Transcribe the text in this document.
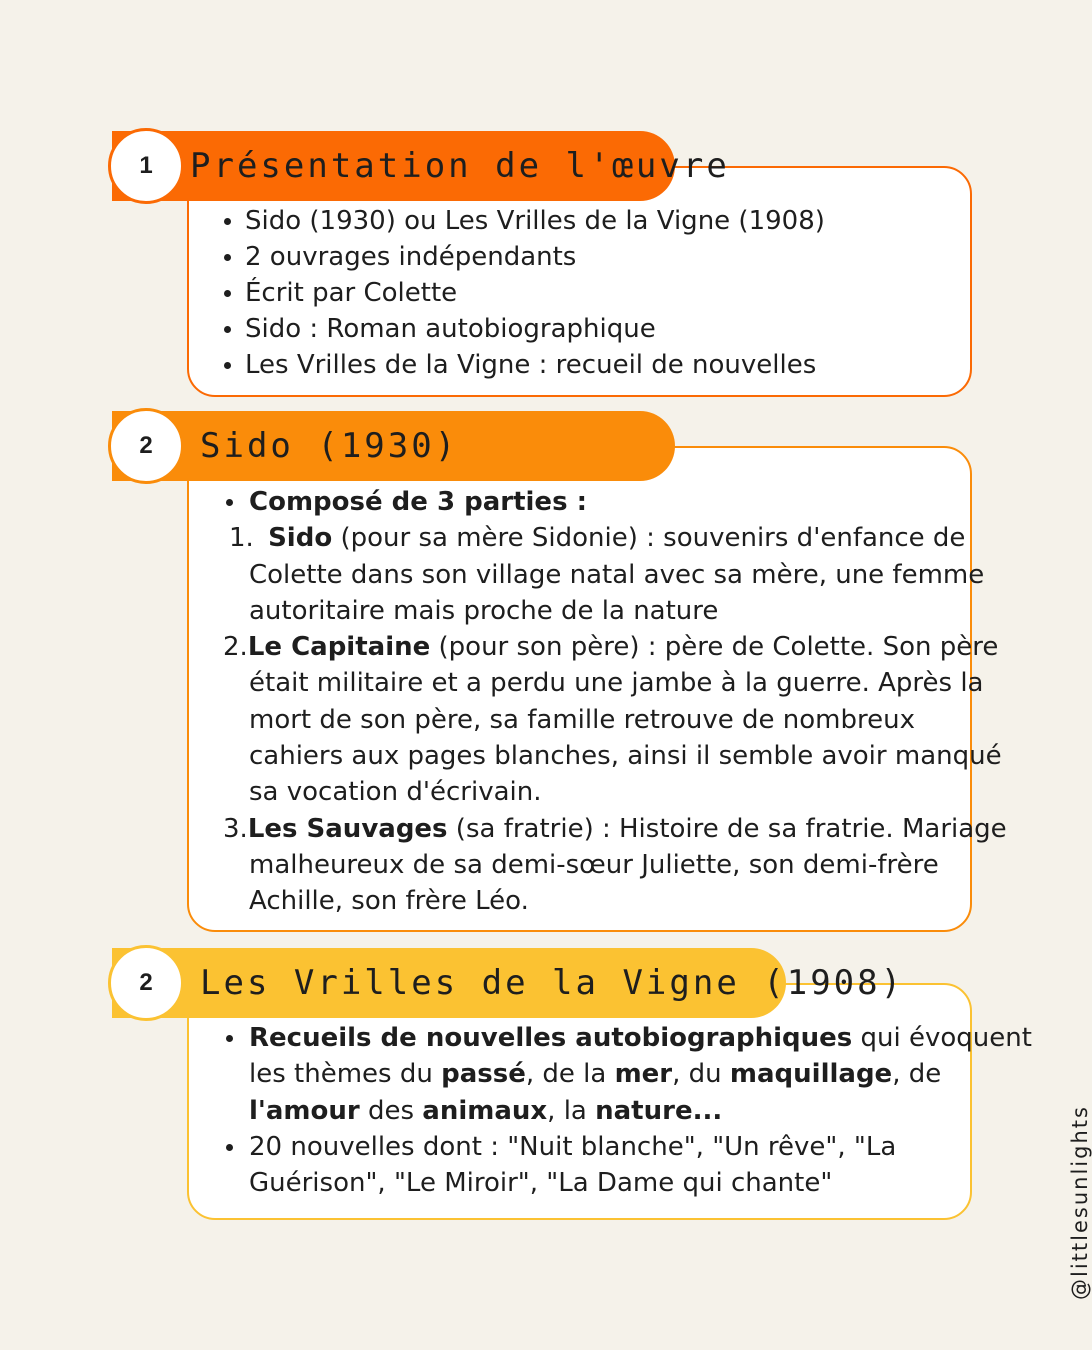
Sido (1930) ou Les Vrilles de la Vigne (1908)
2 ouvrages indépendants
Écrit par Colette
Sido : Roman autobiographique
Les Vrilles de la Vigne : recueil de nouvelles
Présentation de l'œuvre
1
Composé de 3 parties :
1. Sido (pour sa mère Sidonie) : souvenirs d'enfance de
Colette dans son village natal avec sa mère, une femme
autoritaire mais proche de la nature
2.Le Capitaine (pour son père) : père de Colette. Son père
était militaire et a perdu une jambe à la guerre. Après la
mort de son père, sa famille retrouve de nombreux
cahiers aux pages blanches, ainsi il semble avoir manqué
sa vocation d'écrivain.
3.Les Sauvages (sa fratrie) : Histoire de sa fratrie. Mariage
malheureux de sa demi-sœur Juliette, son demi-frère
Achille, son frère Léo.
Sido (1930)
2
Recueils de nouvelles autobiographiques qui évoquent
les thèmes du passé, de la mer, du maquillage, de
l'amour des animaux, la nature...
20 nouvelles dont : "Nuit blanche", "Un rêve", "La
Guérison", "Le Miroir", "La Dame qui chante"
Les Vrilles de la Vigne (1908)
2
@littlesunlights
